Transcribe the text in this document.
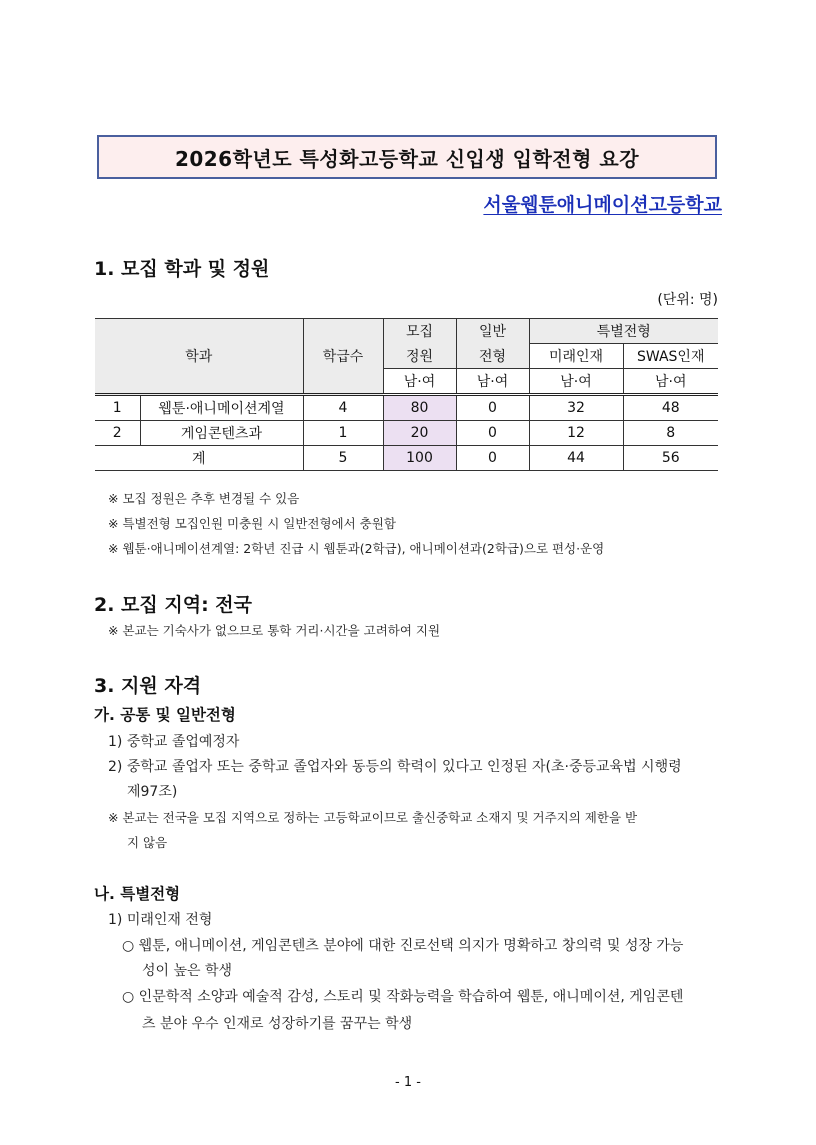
2026학년도 특성화고등학교 신입생 입학전형 요강
서울웹툰애니메이션고등학교
1. 모집 학과 및 정원
(단위: 명)
학과		학급수	모집	일반	특별전형	
			정원	전형	미래인재	SWAS인재
			남·여	남·여	남·여	남·여
1	웹툰·애니메이션계열	4	80	0	32	48
2	게임콘텐츠과	1	20	0	12	8
계		5	100	0	44	56
※ 모집 정원은 추후 변경될 수 있음
※ 특별전형 모집인원 미충원 시 일반전형에서 충원함
※ 웹툰·애니메이션계열: 2학년 진급 시 웹툰과(2학급), 애니메이션과(2학급)으로 편성·운영
2. 모집 지역: 전국
※ 본교는 기숙사가 없으므로 통학 거리·시간을 고려하여 지원
3. 지원 자격
가. 공통 및 일반전형
1) 중학교 졸업예정자
2) 중학교 졸업자 또는 중학교 졸업자와 동등의 학력이 있다고 인정된 자(초·중등교육법 시행령
제97조)
※ 본교는 전국을 모집 지역으로 정하는 고등학교이므로 출신중학교 소재지 및 거주지의 제한을 받
지 않음
나. 특별전형
1) 미래인재 전형
○ 웹툰, 애니메이션, 게임콘텐츠 분야에 대한 진로선택 의지가 명확하고 창의력 및 성장 가능
성이 높은 학생
○ 인문학적 소양과 예술적 감성, 스토리 및 작화능력을 학습하여 웹툰, 애니메이션, 게임콘텐
츠 분야 우수 인재로 성장하기를 꿈꾸는 학생
- 1 -
